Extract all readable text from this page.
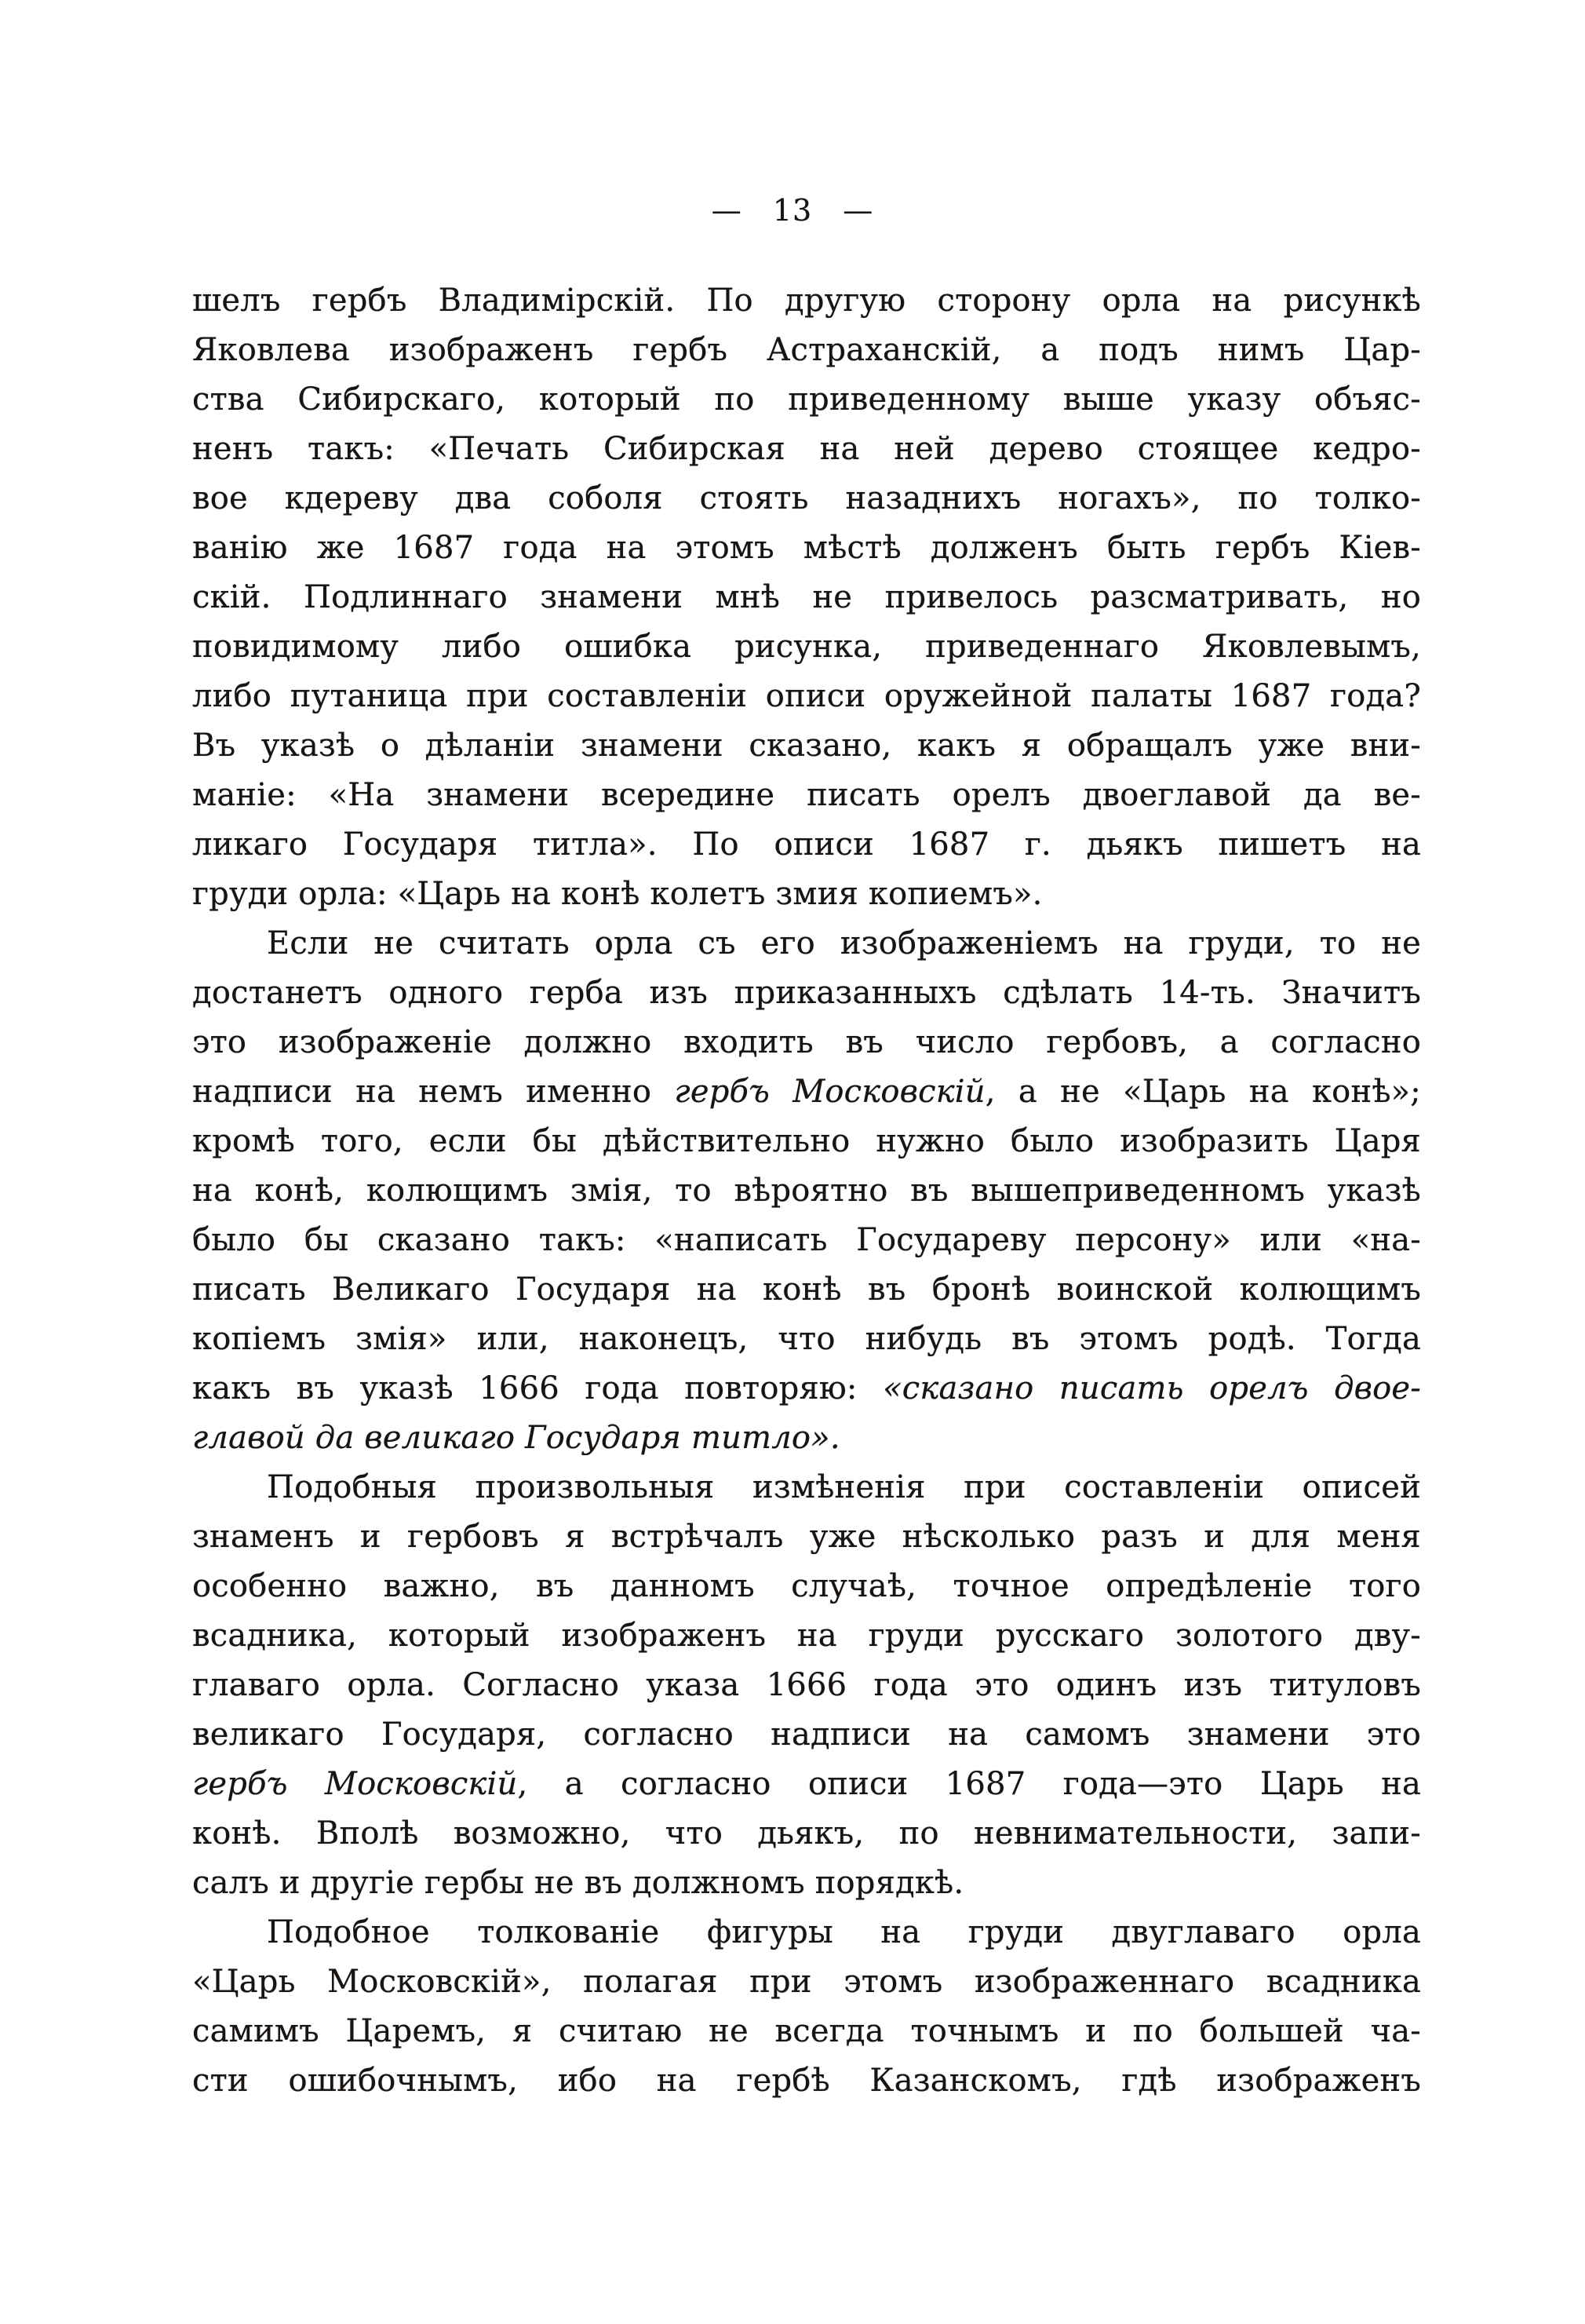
— 13 —
шелъ гербъ Владимірскій. По другую сторону орла на рисункѣ
Яковлева изображенъ гербъ Астраханскій, а подъ нимъ Цар-
ства Сибирскаго, который по приведенному выше указу объяс-
ненъ такъ: «Печать Сибирская на ней дерево стоящее кедро-
вое кдереву два соболя стоять назаднихъ ногахъ», по толко-
ванію же 1687 года на этомъ мѣстѣ долженъ быть гербъ Кіев-
скій. Подлиннаго знамени мнѣ не привелось разсматривать, но
повидимому либо ошибка рисунка, приведеннаго Яковлевымъ,
либо путаница при составленіи описи оружейной палаты 1687 года?
Въ указѣ о дѣланіи знамени сказано, какъ я обращалъ уже вни-
маніе: «На знамени всередине писать орелъ двоеглавой да ве-
ликаго Государя титла». По описи 1687 г. дьякъ пишетъ на
груди орла: «Царь на конѣ колетъ змия копиемъ».
Если не считать орла съ его изображеніемъ на груди, то не
достанетъ одного герба изъ приказанныхъ сдѣлать 14-ть. Значитъ
это изображеніе должно входить въ число гербовъ, а согласно
надписи на немъ именно гербъ Московскій, а не «Царь на конѣ»;
кромѣ того, если бы дѣйствительно нужно было изобразить Царя
на конѣ, колющимъ змія, то вѣроятно въ вышеприведенномъ указѣ
было бы сказано такъ: «написать Государеву персону» или «на-
писать Великаго Государя на конѣ въ бронѣ воинской колющимъ
копіемъ змія» или, наконецъ, что нибудь въ этомъ родѣ. Тогда
какъ въ указѣ 1666 года повторяю: «сказано писать орелъ двое-
главой да великаго Государя титло».
Подобныя произвольныя измѣненія при составленіи описей
знаменъ и гербовъ я встрѣчалъ уже нѣсколько разъ и для меня
особенно важно, въ данномъ случаѣ, точное опредѣленіе того
всадника, который изображенъ на груди русскаго золотого дву-
главаго орла. Согласно указа 1666 года это одинъ изъ титуловъ
великаго Государя, согласно надписи на самомъ знамени это
гербъ Московскій, а согласно описи 1687 года—это Царь на
конѣ. Вполѣ возможно, что дьякъ, по невнимательности, запи-
салъ и другіе гербы не въ должномъ порядкѣ.
Подобное толкованіе фигуры на груди двуглаваго орла
«Царь Московскій», полагая при этомъ изображеннаго всадника
самимъ Царемъ, я считаю не всегда точнымъ и по большей ча-
сти ошибочнымъ, ибо на гербѣ Казанскомъ, гдѣ изображенъ
